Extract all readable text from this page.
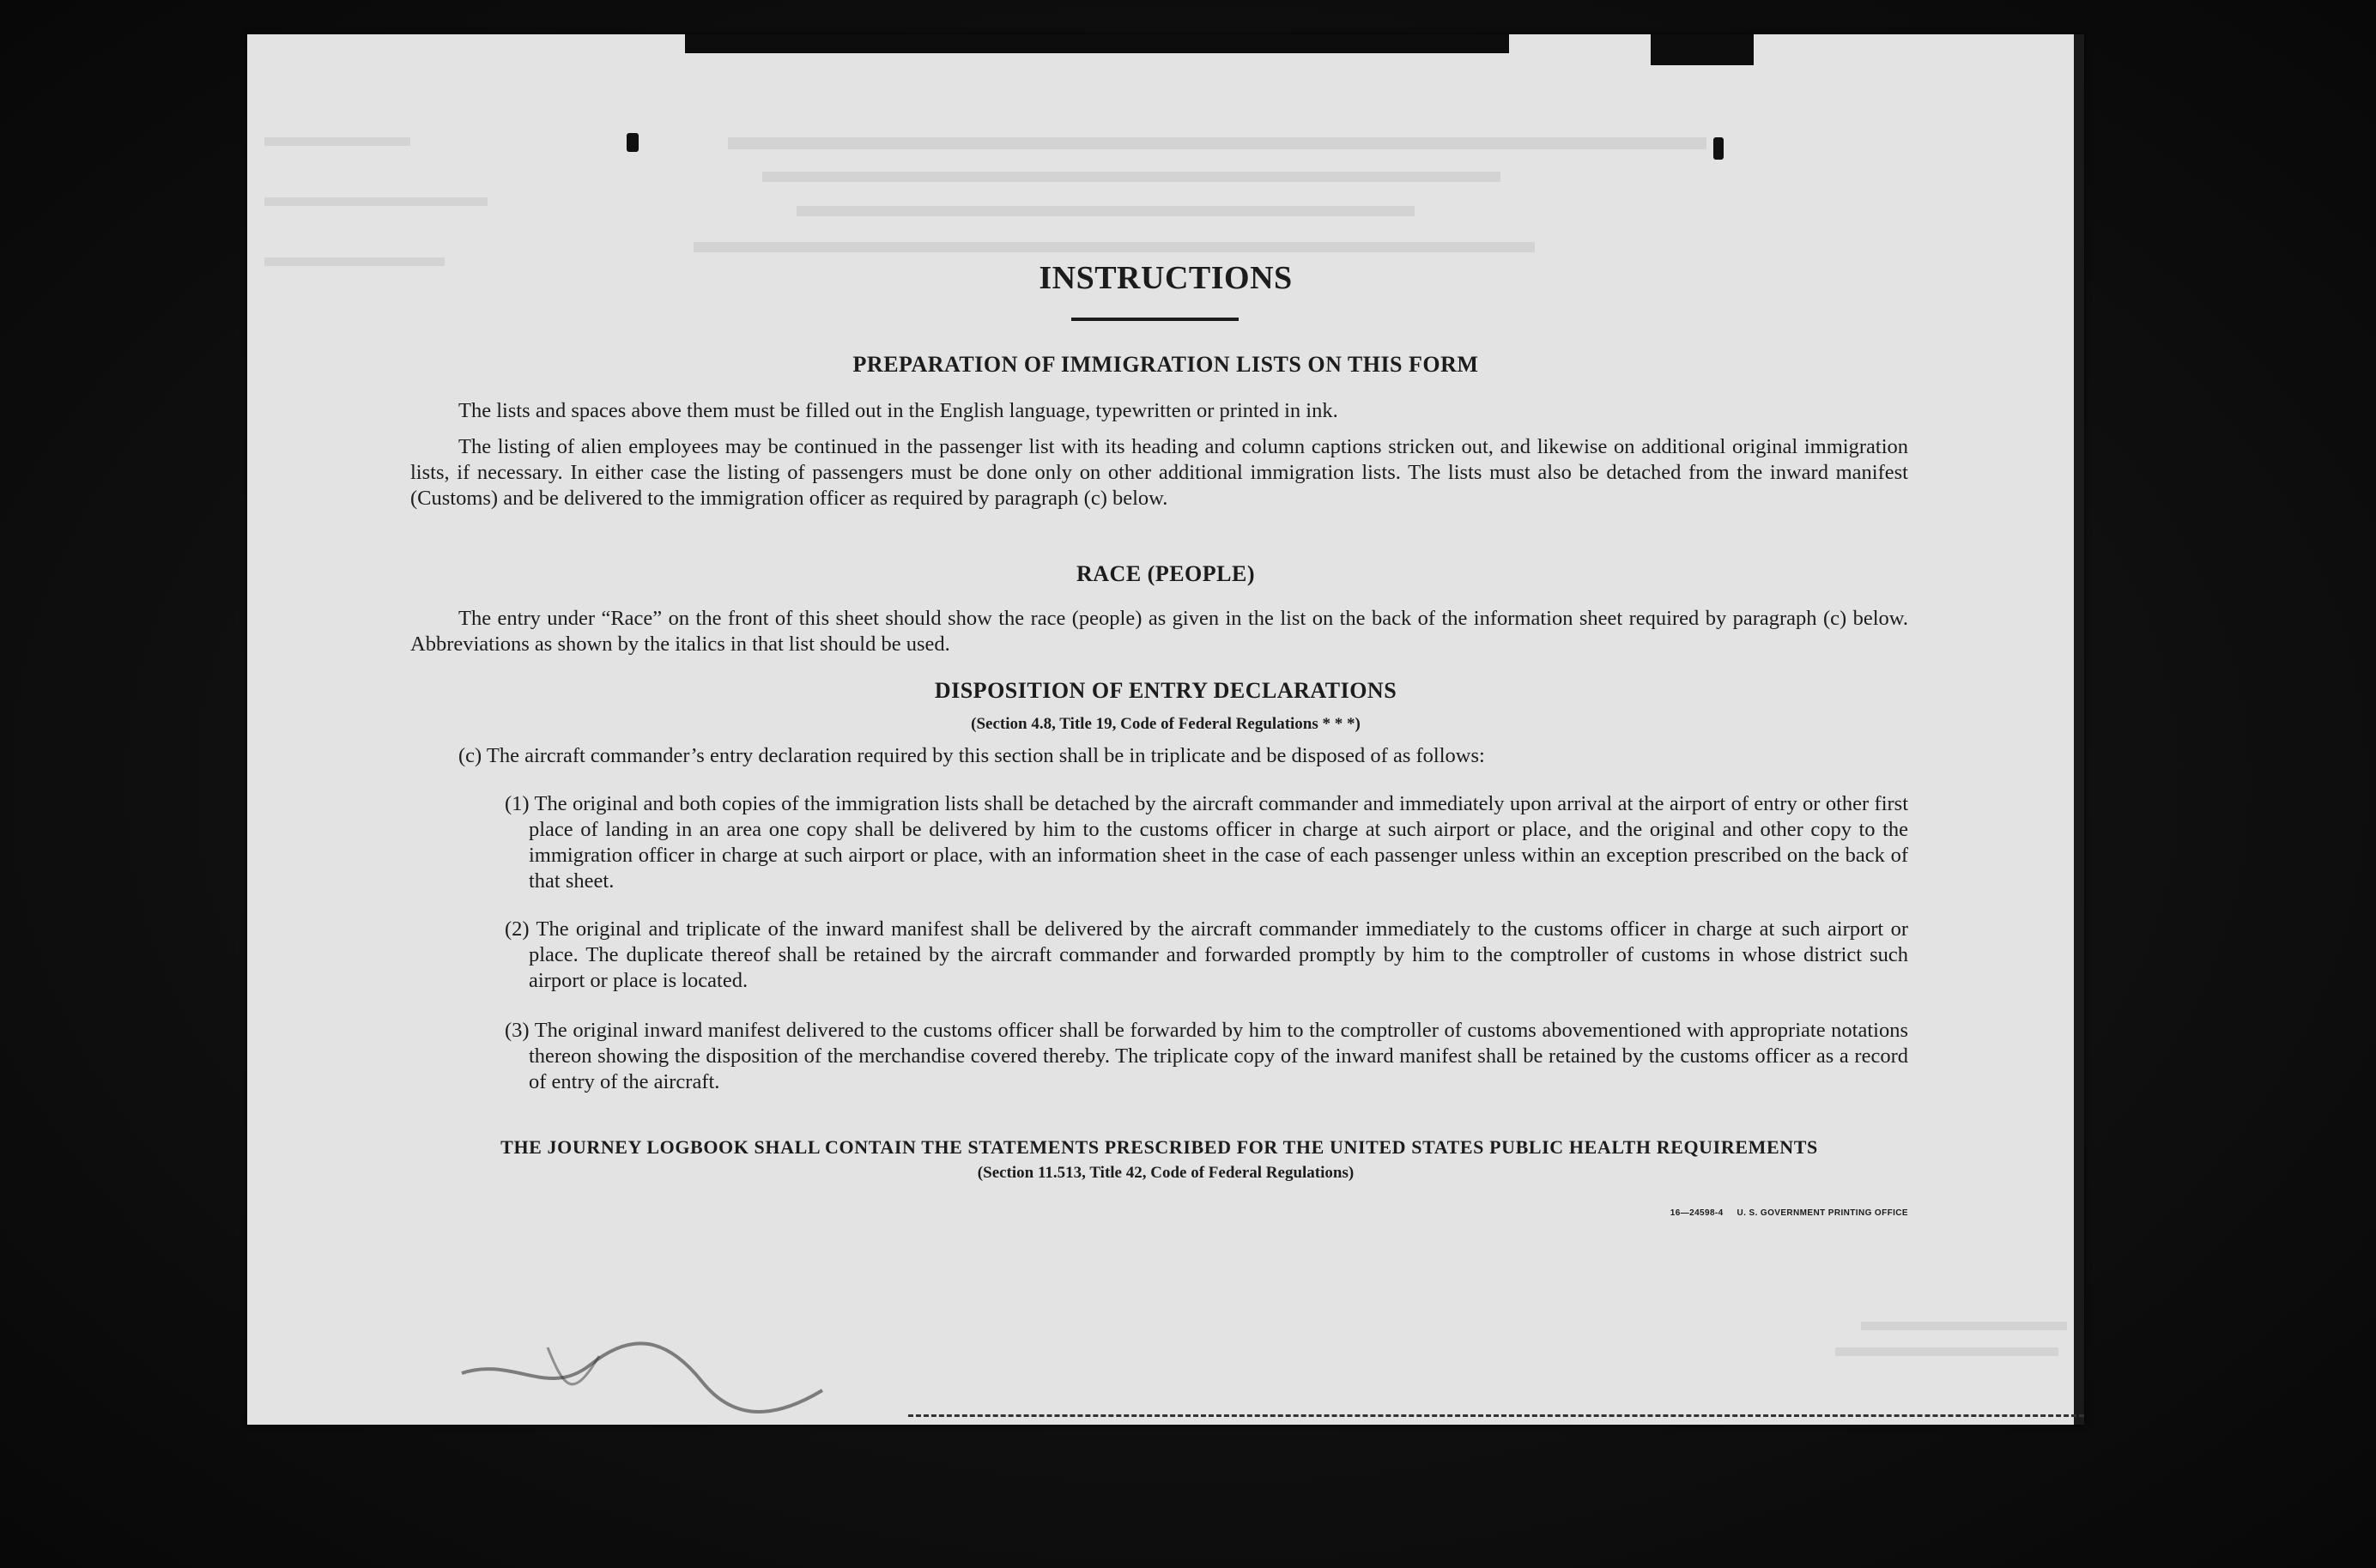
INSTRUCTIONS
PREPARATION OF IMMIGRATION LISTS ON THIS FORM
The lists and spaces above them must be filled out in the English language, typewritten or printed in ink.
The listing of alien employees may be continued in the passenger list with its heading and column captions stricken out, and likewise on additional original immigration lists, if necessary. In either case the listing of passengers must be done only on other additional immigration lists. The lists must also be detached from the inward manifest (Customs) and be delivered to the immigration officer as required by paragraph (c) below.
RACE (PEOPLE)
The entry under “Race” on the front of this sheet should show the race (people) as given in the list on the back of the information sheet required by paragraph (c) below. Abbreviations as shown by the italics in that list should be used.
DISPOSITION OF ENTRY DECLARATIONS
(Section 4.8, Title 19, Code of Federal Regulations * * *)
(c) The aircraft commander’s entry declaration required by this section shall be in triplicate and be disposed of as follows:
(1) The original and both copies of the immigration lists shall be detached by the aircraft commander and immediately upon arrival at the airport of entry or other first place of landing in an area one copy shall be delivered by him to the customs officer in charge at such airport or place, and the original and other copy to the immigration officer in charge at such airport or place, with an information sheet in the case of each passenger unless within an exception prescribed on the back of that sheet.
(2) The original and triplicate of the inward manifest shall be delivered by the aircraft commander immediately to the customs officer in charge at such airport or place. The duplicate thereof shall be retained by the aircraft commander and forwarded promptly by him to the comptroller of customs in whose district such airport or place is located.
(3) The original inward manifest delivered to the customs officer shall be forwarded by him to the comptroller of customs abovementioned with appropriate notations thereon showing the disposition of the merchandise covered thereby. The triplicate copy of the inward manifest shall be retained by the customs officer as a record of entry of the aircraft.
THE JOURNEY LOGBOOK SHALL CONTAIN THE STATEMENTS PRESCRIBED FOR THE UNITED STATES PUBLIC HEALTH REQUIREMENTS
(Section 11.513, Title 42, Code of Federal Regulations)
16—24598‑4 U. S. GOVERNMENT PRINTING OFFICE
